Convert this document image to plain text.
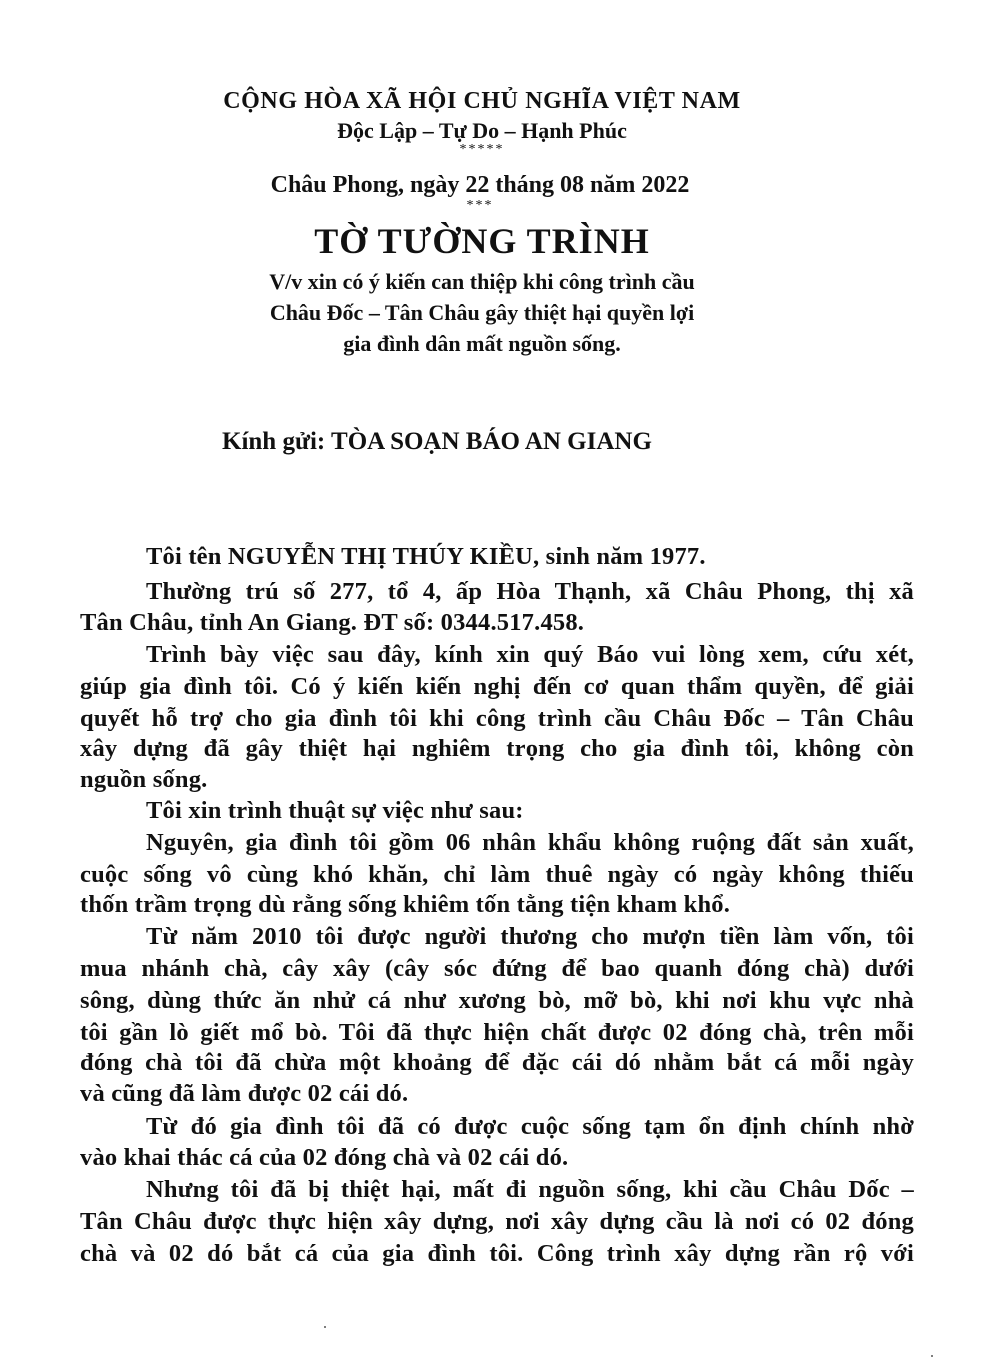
CỘNG HÒA XÃ HỘI CHỦ NGHĨA VIỆT NAM
Độc Lập – Tự Do – Hạnh Phúc
*****
Châu Phong, ngày 22 tháng 08 năm 2022
***
TỜ TƯỜNG TRÌNH
V/v xin có ý kiến can thiệp khi công trình cầu
Châu Đốc – Tân Châu gây thiệt hại quyền lợi
gia đình dân mất nguồn sống.
Kính gửi: TÒA SOẠN BÁO AN GIANG
Tôi tên NGUYỄN THỊ THÚY KIỀU, sinh năm 1977.
Thường trú số 277, tổ 4, ấp Hòa Thạnh, xã Châu Phong, thị xã
Tân Châu, tỉnh An Giang. ĐT số: 0344.517.458.
Trình bày việc sau đây, kính xin quý Báo vui lòng xem, cứu xét,
giúp gia đình tôi. Có ý kiến kiến nghị đến cơ quan thẩm quyền, để giải
quyết hỗ trợ cho gia đình tôi khi công trình cầu Châu Đốc – Tân Châu
xây dựng đã gây thiệt hại nghiêm trọng cho gia đình tôi, không còn
nguồn sống.
Tôi xin trình thuật sự việc như sau:
Nguyên, gia đình tôi gồm 06 nhân khẩu không ruộng đất sản xuất,
cuộc sống vô cùng khó khăn, chỉ làm thuê ngày có ngày không thiếu
thốn trầm trọng dù rằng sống khiêm tốn tằng tiện kham khổ.
Từ năm 2010 tôi được người thương cho mượn tiền làm vốn, tôi
mua nhánh chà, cây xây (cây sóc đứng để bao quanh đóng chà) dưới
sông, dùng thức ăn nhử cá như xương bò, mỡ bò, khi nơi khu vực nhà
tôi gần lò giết mổ bò. Tôi đã thực hiện chất được 02 đóng chà, trên mỗi
đóng chà tôi đã chừa một khoảng để đặc cái dó nhằm bắt cá mỗi ngày
và cũng đã làm được 02 cái dó.
Từ đó gia đình tôi đã có được cuộc sống tạm ổn định chính nhờ
vào khai thác cá của 02 đóng chà và 02 cái dó.
Nhưng tôi đã bị thiệt hại, mất đi nguồn sống, khi cầu Châu Dốc –
Tân Châu được thực hiện xây dựng, nơi xây dựng cầu là nơi có 02 đóng
chà và 02 dó bắt cá của gia đình tôi. Công trình xây dựng rần rộ với
